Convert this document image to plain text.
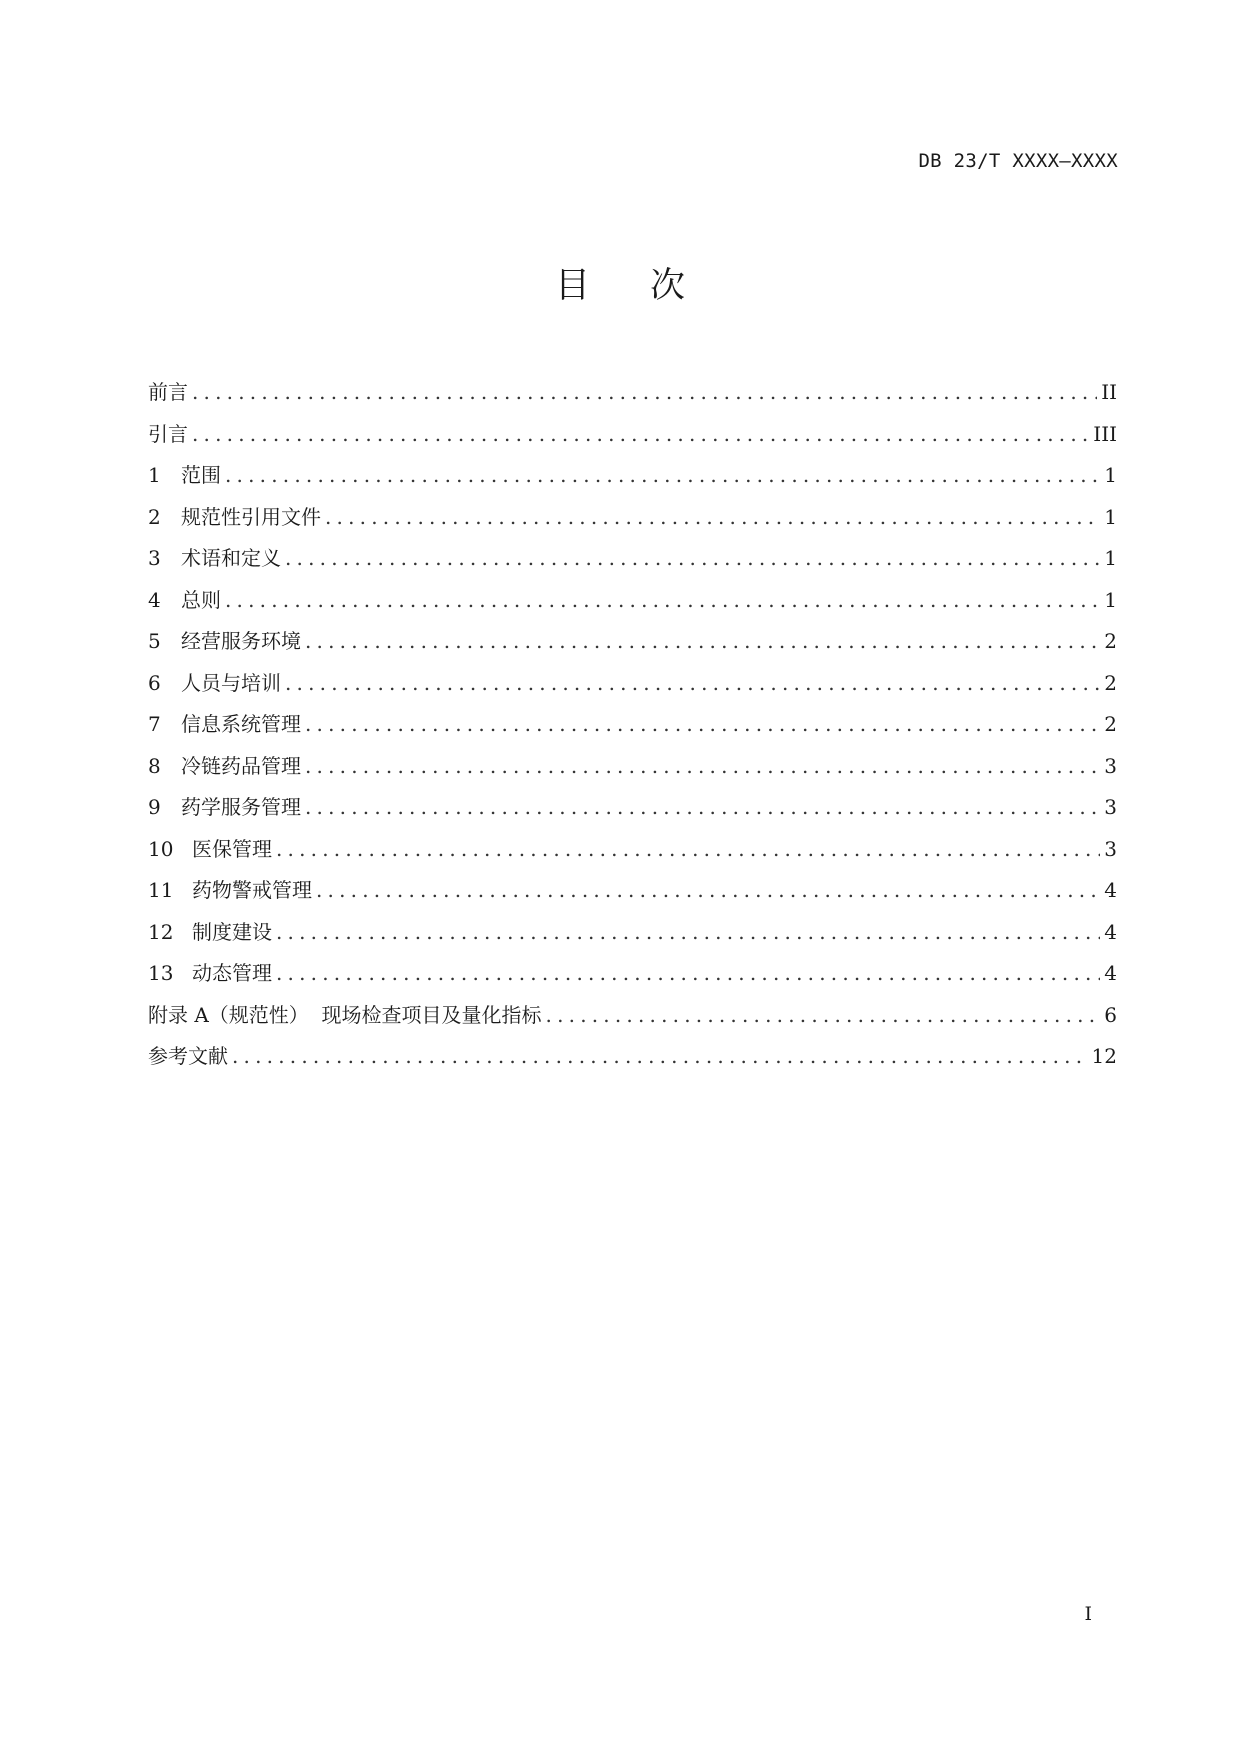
DB 23/T XXXX—XXXX
目次
前言 .....	II
引言 .....	III
1	范围 .....	1
2	规范性引用文件 .....	1
3	术语和定义 .....	1
4	总则 .....	1
5	经营服务环境 .....	2
6	人员与培训 .....	2
7	信息系统管理 .....	2
8	冷链药品管理 .....	3
9	药学服务管理 .....	3
10 医保管理 .....	3
11 药物警戒管理 .....	4
12 制度建设 .....	4
13 动态管理 .....	4
附录 A（规范性）  现场检查项目及量化指标 .....	6
参考文献 .....	12
I
